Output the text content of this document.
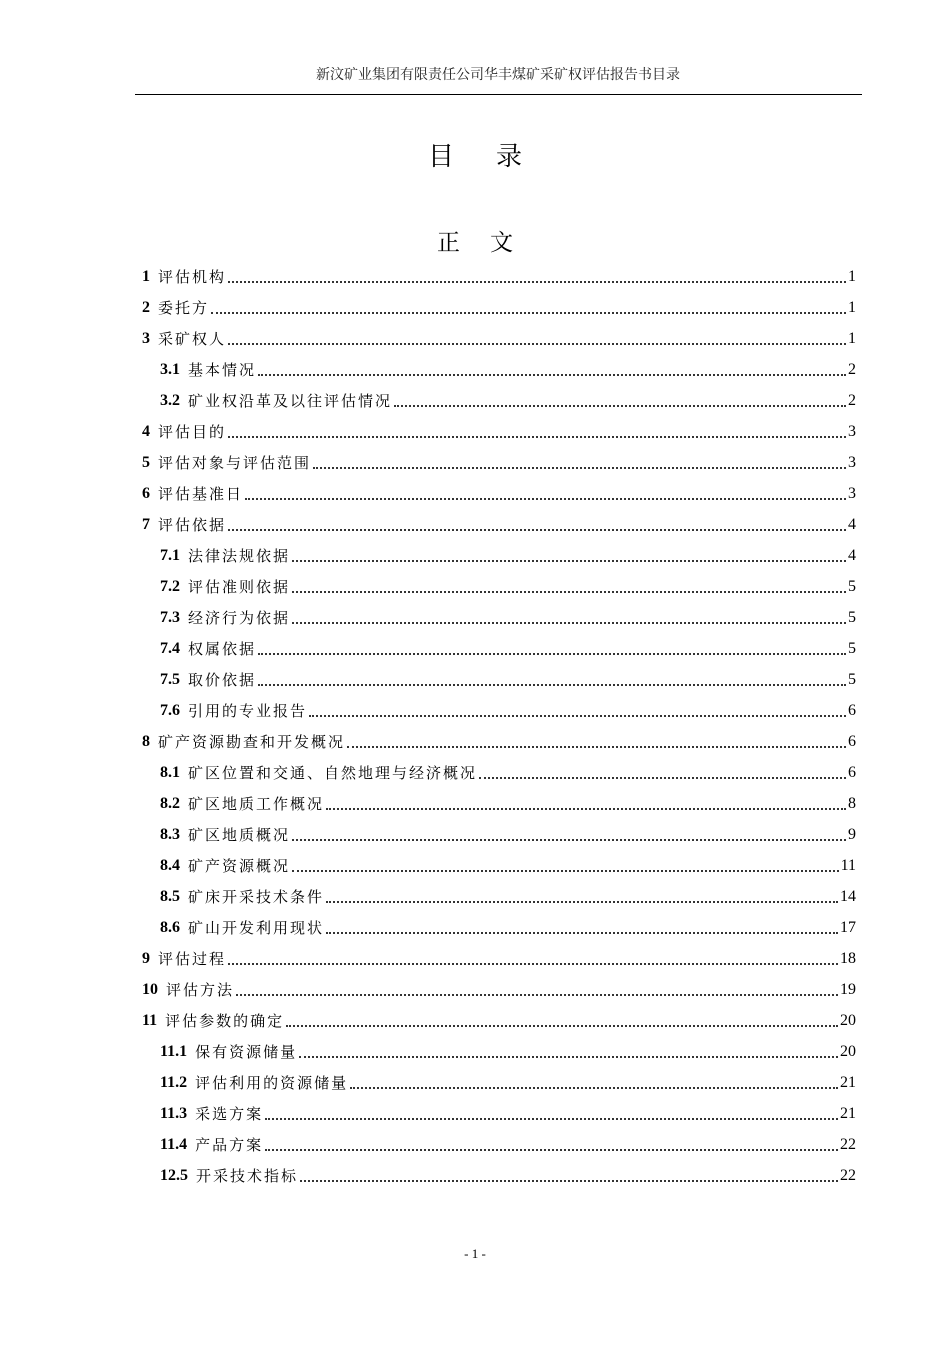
新汶矿业集团有限责任公司华丰煤矿采矿权评估报告书目录
目录
正文
1 评估机构	1
2 委托方	1
3 采矿权人	1
3.1 基本情况	2
3.2 矿业权沿革及以往评估情况	2
4 评估目的	3
5 评估对象与评估范围	3
6 评估基准日	3
7 评估依据	4
7.1 法律法规依据	4
7.2 评估准则依据	5
7.3 经济行为依据	5
7.4 权属依据	5
7.5 取价依据	5
7.6 引用的专业报告	6
8 矿产资源勘查和开发概况	6
8.1 矿区位置和交通、自然地理与经济概况	6
8.2 矿区地质工作概况	8
8.3 矿区地质概况	9
8.4 矿产资源概况	11
8.5 矿床开采技术条件	14
8.6 矿山开发利用现状	17
9 评估过程	18
10 评估方法	19
11 评估参数的确定	20
11.1 保有资源储量	20
11.2 评估利用的资源储量	21
11.3 采选方案	21
11.4 产品方案	22
12.5 开采技术指标	22
- 1 -
